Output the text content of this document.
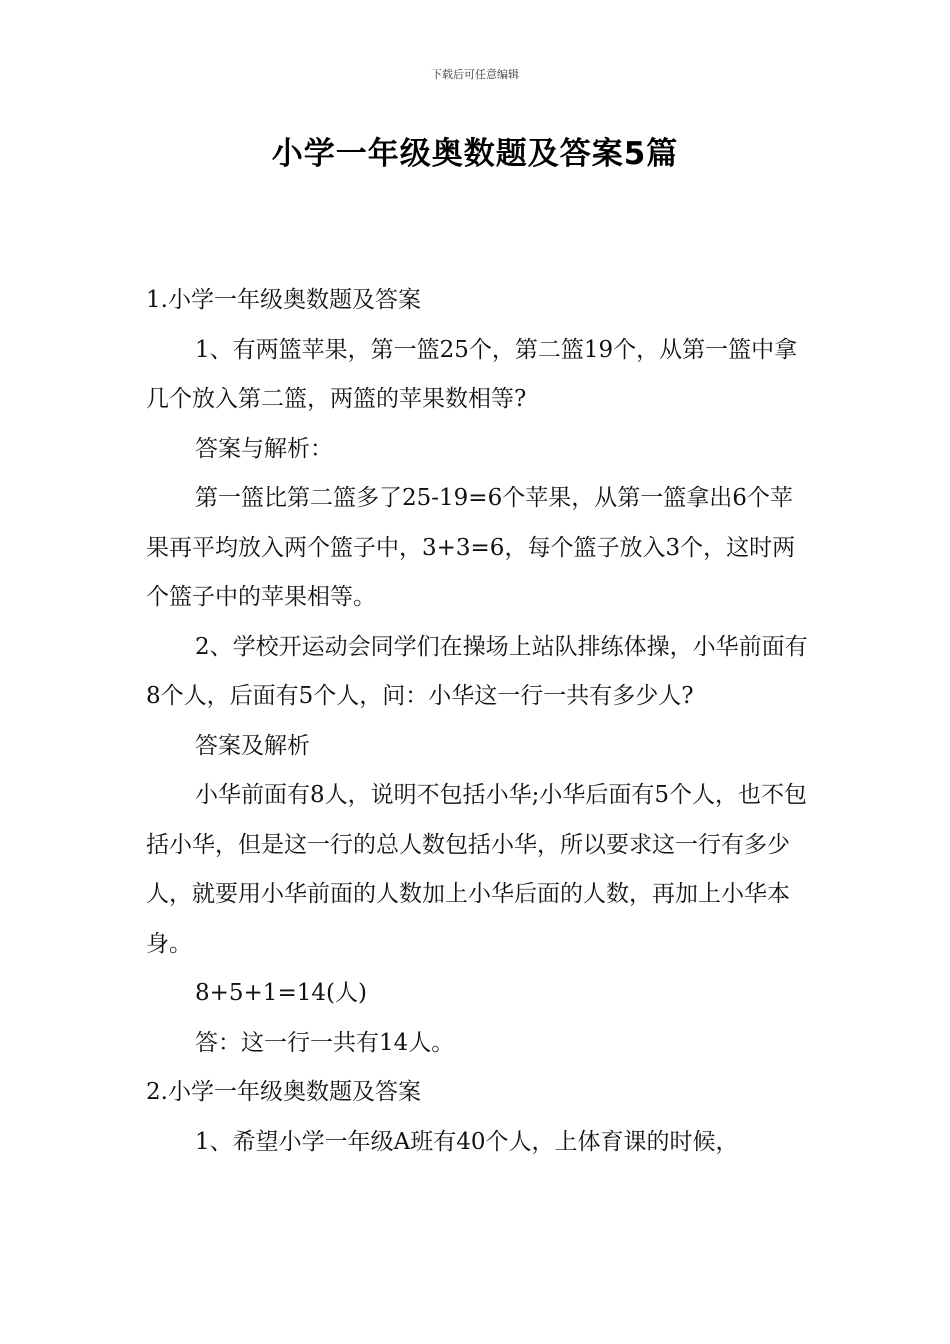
下载后可任意编辑
小学一年级奥数题及答案5篇

1.小学一年级奥数题及答案

1、有两篮苹果，第一篮25个，第二篮19个，从第一篮中拿几个放入第二篮，两篮的苹果数相等?

答案与解析：

第一篮比第二篮多了25-19=6个苹果，从第一篮拿出6个苹果再平均放入两个篮子中，3+3=6，每个篮子放入3个，这时两个篮子中的苹果相等。

2、学校开运动会同学们在操场上站队排练体操，小华前面有8个人，后面有5个人，问：小华这一行一共有多少人?

答案及解析

小华前面有8人，说明不包括小华;小华后面有5个人，也不包括小华，但是这一行的总人数包括小华，所以要求这一行有多少人，就要用小华前面的人数加上小华后面的人数，再加上小华本身。

8+5+1=14(人)

答：这一行一共有14人。

2.小学一年级奥数题及答案

1、希望小学一年级A班有40个人，上体育课的时候，
